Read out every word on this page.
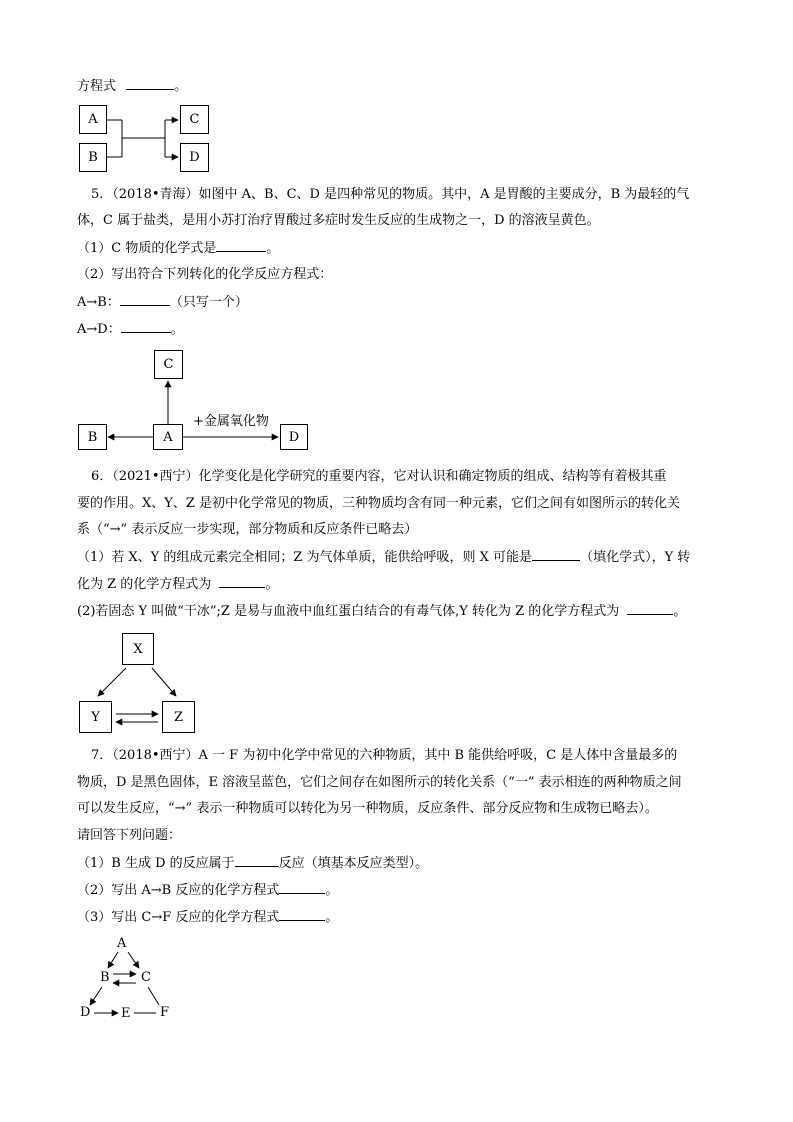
方程式	。
A
B
C
D
5．（2018•青海）如图中 A、B、C、D 是四种常见的物质。其中，A 是胃酸的主要成分，B 为最轻的气
体，C 属于盐类，是用小苏打治疗胃酸过多症时发生反应的生成物之一，D 的溶液呈黄色。
（1）C 物质的化学式是	。
（2）写出符合下列转化的化学反应方程式：
A→B：	（只写一个）
A→D：	。
C
B	A	D
+金属氧化物
6．（2021•西宁）化学变化是化学研究的重要内容，它对认识和确定物质的组成、结构等有着极其重
要的作用。X、Y、Z 是初中化学常见的物质，三种物质均含有同一种元素，它们之间有如图所示的转化关
系（“→” 表示反应一步实现，部分物质和反应条件已略去）
（1）若 X、Y 的组成元素完全相同；Z 为气体单质，能供给呼吸，则 X 可能是	（填化学式），Y 转
化为 Z 的化学方程式为	。
(2)若固态 Y 叫做“干冰”;Z 是易与血液中血红蛋白结合的有毒气体,Y 转化为 Z 的化学方程式为	。
X
Y	Z
7．（2018•西宁）A 一 F 为初中化学中常见的六种物质，其中 B 能供给呼吸，C 是人体中含量最多的
物质，D 是黑色固体，E 溶液呈蓝色，它们之间存在如图所示的转化关系（“一” 表示相连的两种物质之间
可以发生反应，“→” 表示一种物质可以转化为另一种物质，反应条件、部分反应物和生成物已略去）。
请回答下列问题：
（1）B 生成 D 的反应属于	反应（填基本反应类型）。
（2）写出 A→B 反应的化学方程式	。
（3）写出 C→F 反应的化学方程式	。
A
B C
D E F
